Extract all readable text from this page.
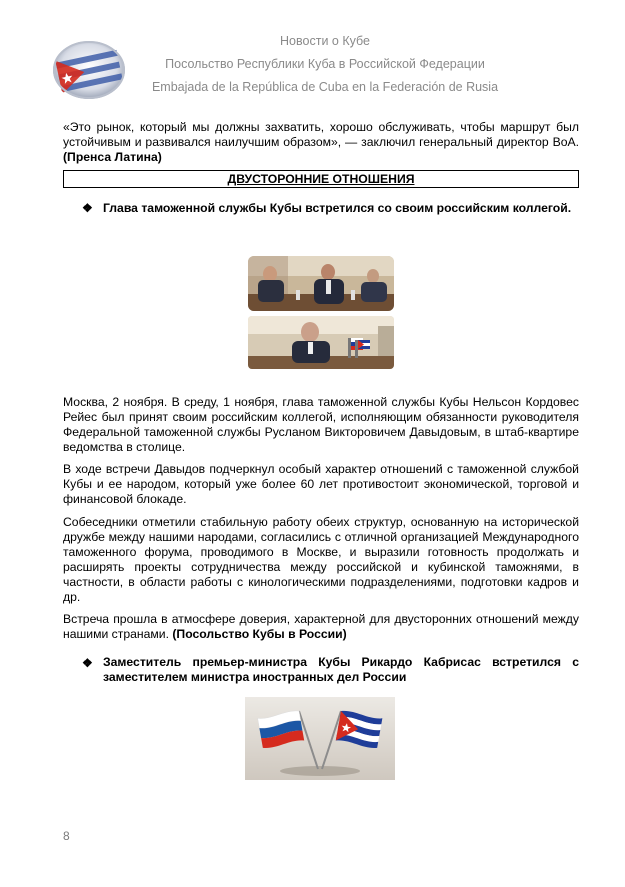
Новости о Кубе
Посольство Республики Куба в Российской Федерации
Embajada de la República de Cuba en la Federación de Rusia

«Это рынок, который мы должны захватить, хорошо обслуживать, чтобы маршрут был устойчивым и развивался наилучшим образом», — заключил генеральный директор BoA. (Пренса Латина)

ДВУСТОРОННИЕ ОТНОШЕНИЯ
❖ Глава таможенной службы Кубы встретился со своим российским коллегой.

Москва, 2 ноября. В среду, 1 ноября, глава таможенной службы Кубы Нельсон Кордовес Рейес был принят своим российским коллегой, исполняющим обязанности руководителя Федеральной таможенной службы Русланом Викторовичем Давыдовым, в штаб-квартире ведомства в столице.

В ходе встречи Давыдов подчеркнул особый характер отношений с таможенной службой Кубы и ее народом, который уже более 60 лет противостоит экономической, торговой и финансовой блокаде.

Собеседники отметили стабильную работу обеих структур, основанную на исторической дружбе между нашими народами, согласились с отличной организацией Международного таможенного форума, проводимого в Москве, и выразили готовность продолжать и расширять проекты сотрудничества между российской и кубинской таможнями, в частности, в области работы с кинологическими подразделениями, подготовки кадров и др.

Встреча прошла в атмосфере доверия, характерной для двусторонних отношений между нашими странами. (Посольство Кубы в России)

❖ Заместитель премьер-министра Кубы Рикардо Кабрисас встретился с заместителем министра иностранных дел России

8
